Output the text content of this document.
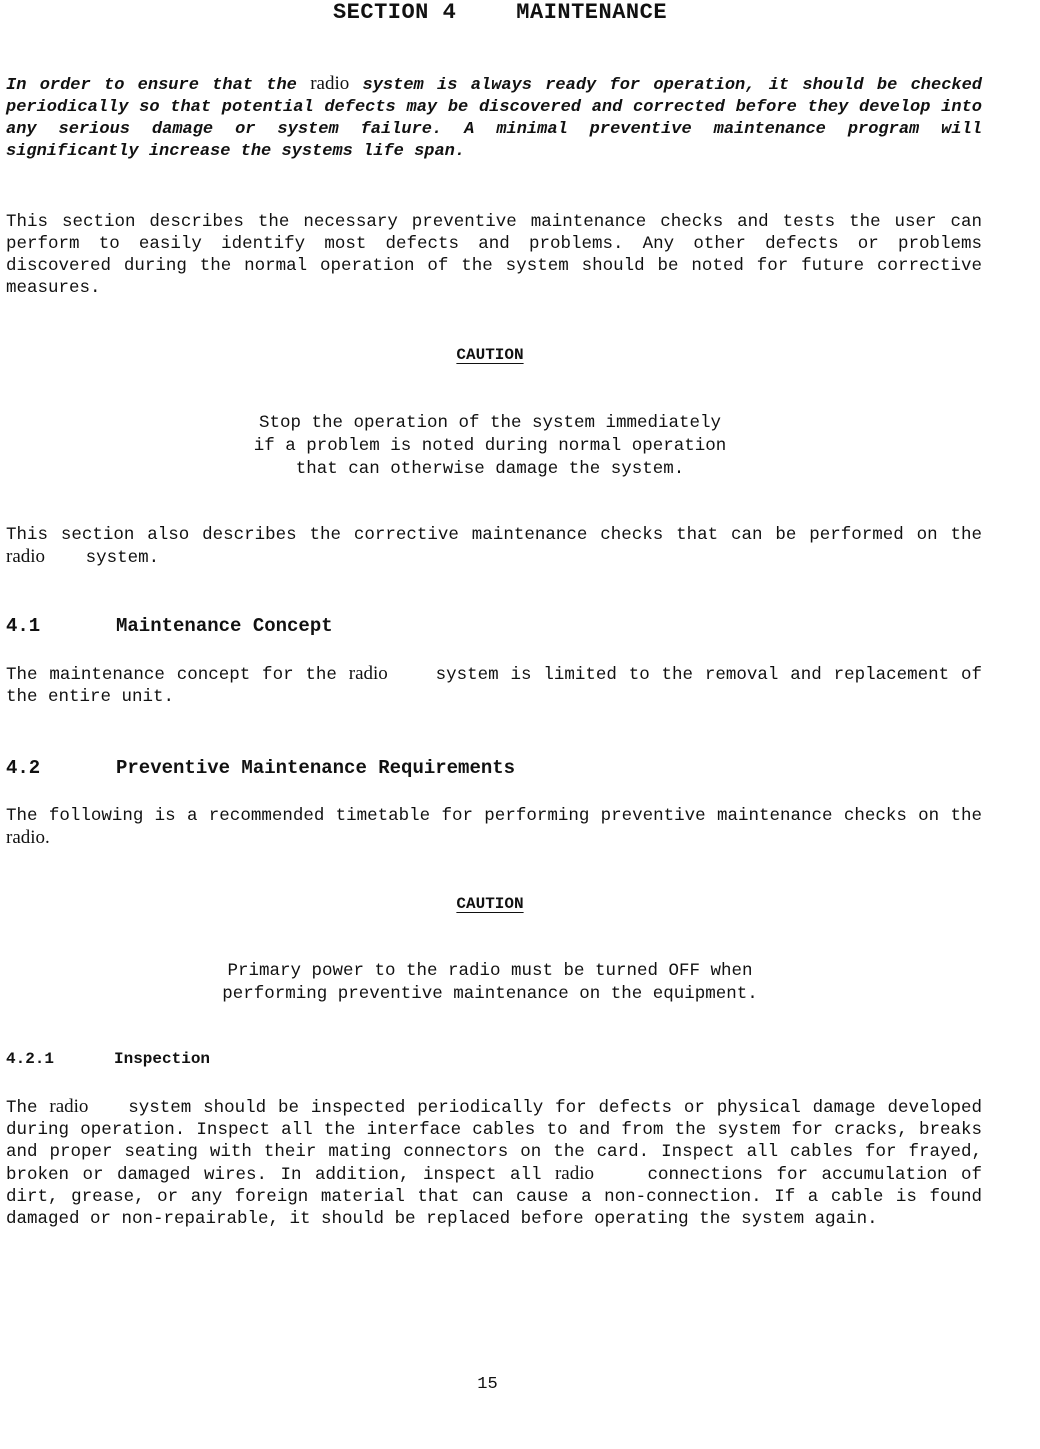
SECTION 4	MAINTENANCE
In order to ensure that the radio system is always ready for operation, it should be checked periodically so that potential defects may be discovered and corrected before they develop into any serious damage or system failure. A minimal preventive maintenance program will significantly increase the systems life span.
This section describes the necessary preventive maintenance checks and tests the user can perform to easily identify most defects and problems. Any other defects or problems discovered during the normal operation of the system should be noted for future corrective measures.
CAUTION
Stop the operation of the system immediately
if a problem is noted during normal operation
that can otherwise damage the system.
This section also describes the corrective maintenance checks that can be performed on the radio system.
4.1	Maintenance Concept
The maintenance concept for the radio	system is limited to the removal and replacement of the entire unit.
4.2	Preventive Maintenance Requirements
The following is a recommended timetable for performing preventive maintenance checks on the radio.
CAUTION
Primary power to the radio must be turned OFF when
performing preventive maintenance on the equipment.
4.2.1	Inspection
The radio system should be inspected periodically for defects or physical damage developed during operation. Inspect all the interface cables to and from the system for cracks, breaks and proper seating with their mating connectors on the card. Inspect all cables for frayed, broken or damaged wires. In addition, inspect all radio	connections for accumulation of dirt, grease, or any foreign material that can cause a non-connection. If a cable is found damaged or non-repairable, it should be replaced before operating the system again.
15
